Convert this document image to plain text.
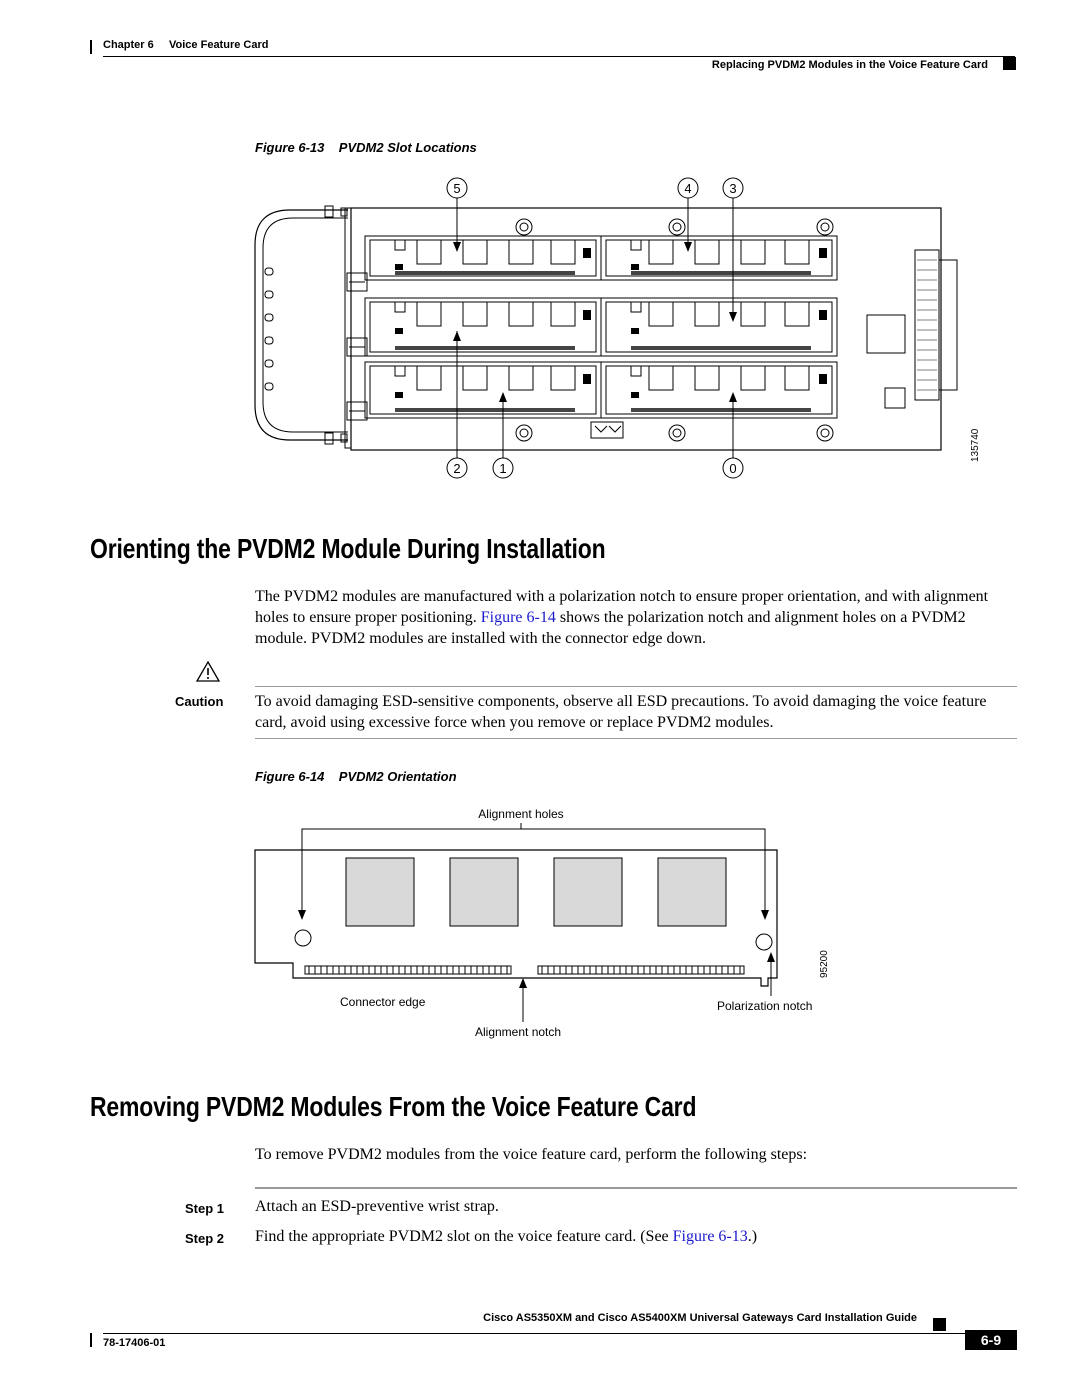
Chapter 6     Voice Feature Card
Replacing PVDM2 Modules in the Voice Feature Card
Figure 6-13    PVDM2 Slot Locations
5	4	3
2	1	0
135740
Orienting the PVDM2 Module During Installation
The PVDM2 modules are manufactured with a polarization notch to ensure proper orientation, and with alignment holes to ensure proper positioning. Figure 6-14 shows the polarization notch and alignment holes on a PVDM2 module. PVDM2 modules are installed with the connector edge down.
Caution To avoid damaging ESD-sensitive components, observe all ESD precautions. To avoid damaging the voice feature card, avoid using excessive force when you remove or replace PVDM2 modules.
Figure 6-14    PVDM2 Orientation
Alignment holes
Connector edge	Polarization notch
Alignment notch
95200
Removing PVDM2 Modules From the Voice Feature Card
To remove PVDM2 modules from the voice feature card, perform the following steps:
Step 1 Attach an ESD-preventive wrist strap.
Step 2 Find the appropriate PVDM2 slot on the voice feature card. (See Figure 6-13.)
Cisco AS5350XM and Cisco AS5400XM Universal Gateways Card Installation Guide
78-17406-01	6-9
